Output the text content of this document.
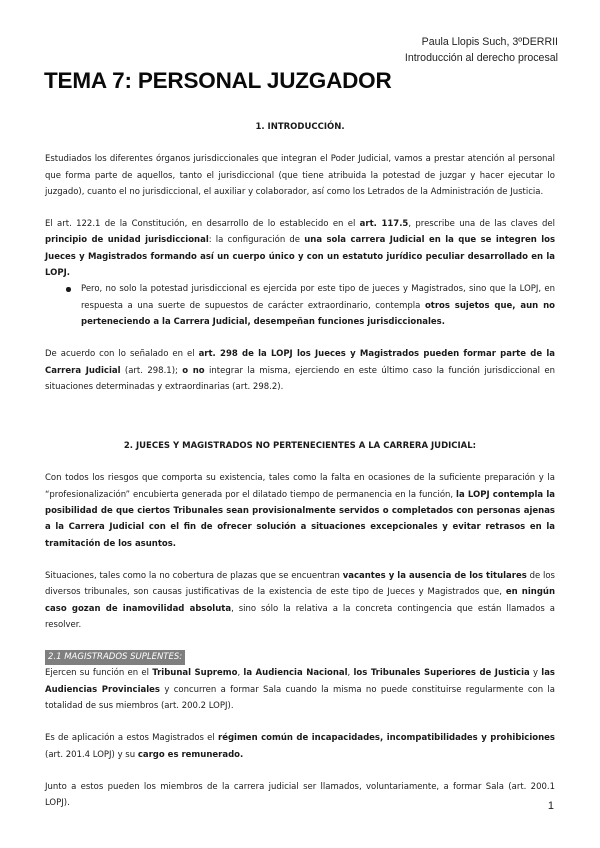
Paula Llopis Such, 3ºDERRII
Introducción al derecho procesal
TEMA 7: PERSONAL JUZGADOR
1. INTRODUCCIÓN.

Estudiados los diferentes órganos jurisdiccionales que integran el Poder Judicial, vamos a prestar atención al personal que forma parte de aquellos, tanto el jurisdiccional (que tiene atribuida la potestad de juzgar y hacer ejecutar lo juzgado), cuanto el no jurisdiccional, el auxiliar y colaborador, así como los Letrados de la Administración de Justicia.

El art. 122.1 de la Constitución, en desarrollo de lo establecido en el art. 117.5, prescribe una de las claves del principio de unidad jurisdiccional: la configuración de una sola carrera Judicial en la que se integren los Jueces y Magistrados formando así un cuerpo único y con un estatuto jurídico peculiar desarrollado en la LOPJ.

Pero, no solo la potestad jurisdiccional es ejercida por este tipo de jueces y Magistrados, sino que la LOPJ, en respuesta a una suerte de supuestos de carácter extraordinario, contempla otros sujetos que, aun no perteneciendo a la Carrera Judicial, desempeñan funciones jurisdiccionales.

De acuerdo con lo señalado en el art. 298 de la LOPJ los Jueces y Magistrados pueden formar parte de la Carrera Judicial (art. 298.1); o no integrar la misma, ejerciendo en este último caso la función jurisdiccional en situaciones determinadas y extraordinarias (art. 298.2).

2. JUECES Y MAGISTRADOS NO PERTENECIENTES A LA CARRERA JUDICIAL:

Con todos los riesgos que comporta su existencia, tales como la falta en ocasiones de la suficiente preparación y la “profesionalización” encubierta generada por el dilatado tiempo de permanencia en la función, la LOPJ contempla la posibilidad de que ciertos Tribunales sean provisionalmente servidos o completados con personas ajenas a la Carrera Judicial con el fin de ofrecer solución a situaciones excepcionales y evitar retrasos en la tramitación de los asuntos.

Situaciones, tales como la no cobertura de plazas que se encuentran vacantes y la ausencia de los titulares de los diversos tribunales, son causas justificativas de la existencia de este tipo de Jueces y Magistrados que, en ningún caso gozan de inamovilidad absoluta, sino sólo la relativa a la concreta contingencia que están llamados a resolver.

2.1 MAGISTRADOS SUPLENTES:

Ejercen su función en el Tribunal Supremo, la Audiencia Nacional, los Tribunales Superiores de Justicia y las Audiencias Provinciales y concurren a formar Sala cuando la misma no puede constituirse regularmente con la totalidad de sus miembros (art. 200.2 LOPJ).

Es de aplicación a estos Magistrados el régimen común de incapacidades, incompatibilidades y prohibiciones (art. 201.4 LOPJ) y su cargo es remunerado.

Junto a estos pueden los miembros de la carrera judicial ser llamados, voluntariamente, a formar Sala (art. 200.1 LOPJ).	1
